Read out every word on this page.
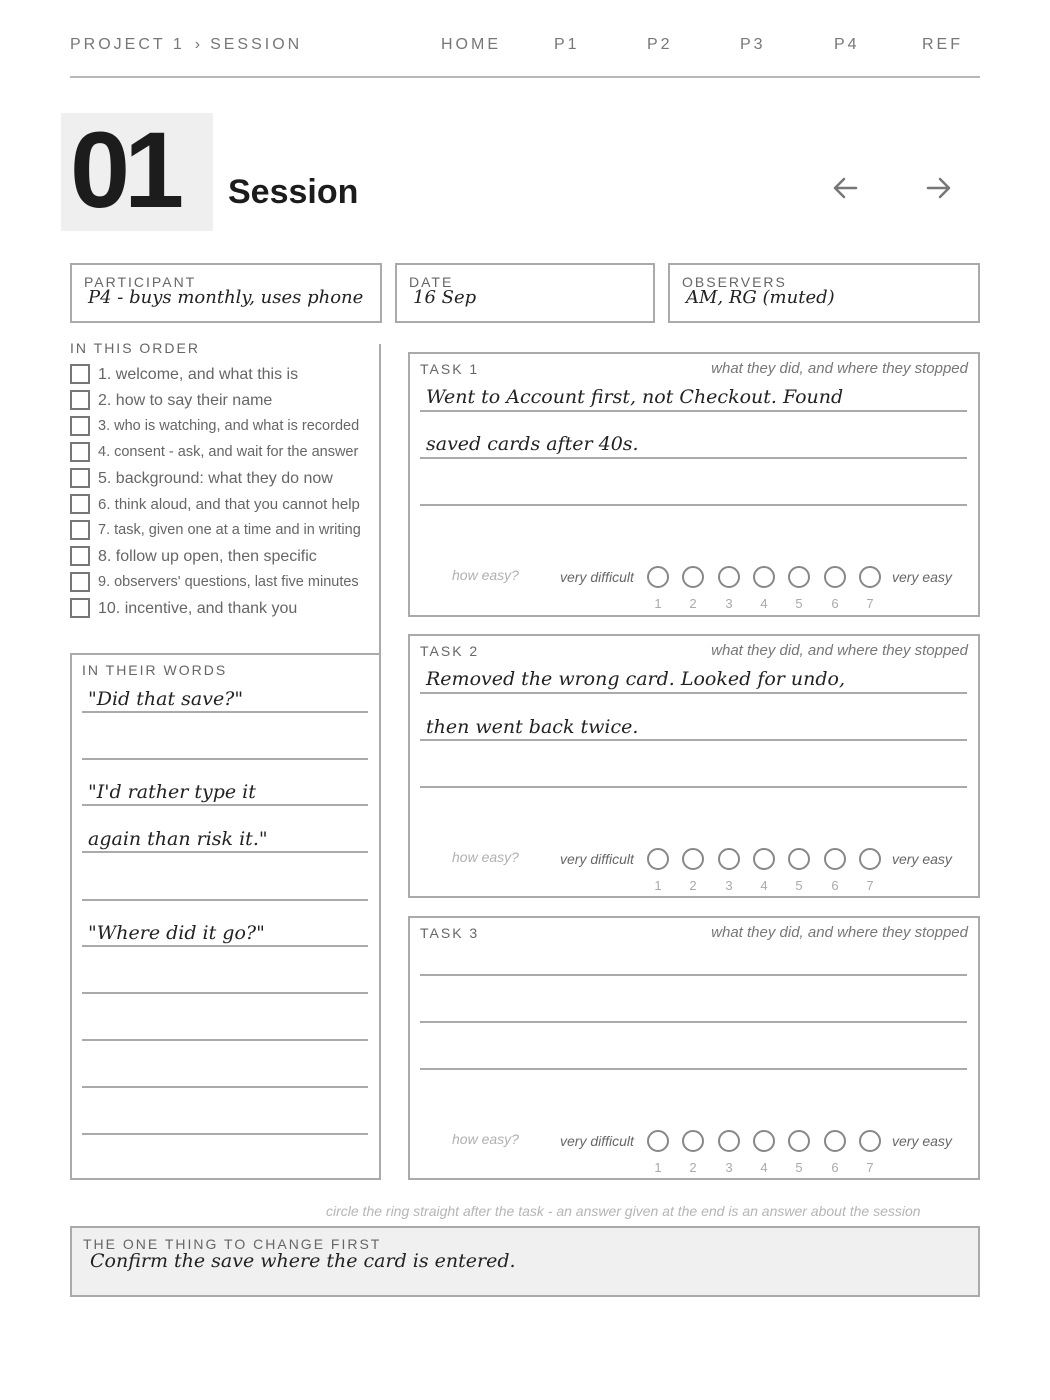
PROJECT 1 › SESSION	HOME	P1	P2	P3	P4	REF
01 Session
PARTICIPANT
P4 - buys monthly, uses phone
DATE
16 Sep
OBSERVERS
AM, RG (muted)
IN THIS ORDER
1. welcome, and what this is
2. how to say their name
3. who is watching, and what is recorded
4. consent - ask, and wait for the answer
5. background: what they do now
6. think aloud, and that you cannot help
7. task, given one at a time and in writing
8. follow up open, then specific
9. observers' questions, last five minutes
10. incentive, and thank you
IN THEIR WORDS
"Did that save?"
"I'd rather type it
again than risk it."
"Where did it go?"
TASK 1	what they did, and where they stopped
Went to Account first, not Checkout. Found
saved cards after 40s.
how easy?	very difficult	very easy
1	2	3	4	5	6	7
TASK 2	what they did, and where they stopped
Removed the wrong card. Looked for undo,
then went back twice.
how easy?	very difficult	very easy
1	2	3	4	5	6	7
TASK 3	what they did, and where they stopped
how easy?	very difficult	very easy
1	2	3	4	5	6	7
circle the ring straight after the task - an answer given at the end is an answer about the session
THE ONE THING TO CHANGE FIRST
Confirm the save where the card is entered.
